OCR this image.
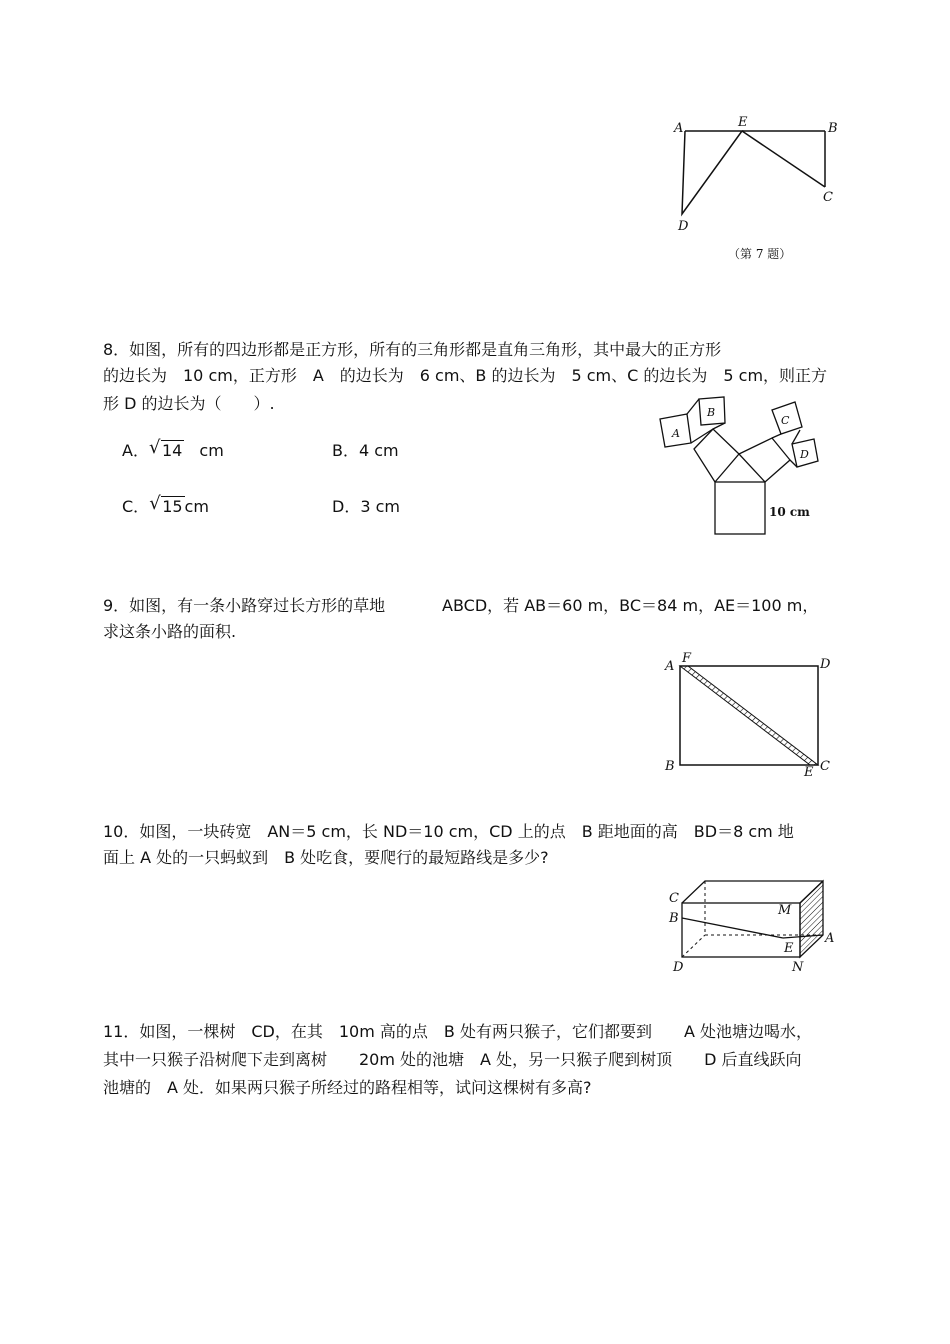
A	E	B
C
D
（第 7 题）
8．如图，所有的四边形都是正方形，所有的三角形都是直角三角形，其中最大的正方形
的边长为　10 cm，正方形　A　的边长为　6 cm、B 的边长为　5 cm、C 的边长为　5 cm，则正方
形 D 的边长为（　　）.
A． √ 14 cm	B．4 cm
C． √ 15 cm	D．3 cm
A
B
C
D
10 cm
9．如图，有一条小路穿过长方形的草地	ABCD，若 AB＝60 m，BC＝84 m，AE＝100 m，
求这条小路的面积.
A
F	D
B	E C
10．如图，一块砖宽　AN＝5 cm，长 ND＝10 cm，CD 上的点　B 距地面的高　BD＝8 cm 地
面上 A 处的一只蚂蚁到　B 处吃食，要爬行的最短路线是多少?
C
B
D
M
E
A
N
11．如图，一棵树　CD，在其　10m 高的点　B 处有两只猴子，它们都要到　　A 处池塘边喝水，
其中一只猴子沿树爬下走到离树　　20m 处的池塘　A 处，另一只猴子爬到树顶　　D 后直线跃向
池塘的　A 处．如果两只猴子所经过的路程相等，试问这棵树有多高?
